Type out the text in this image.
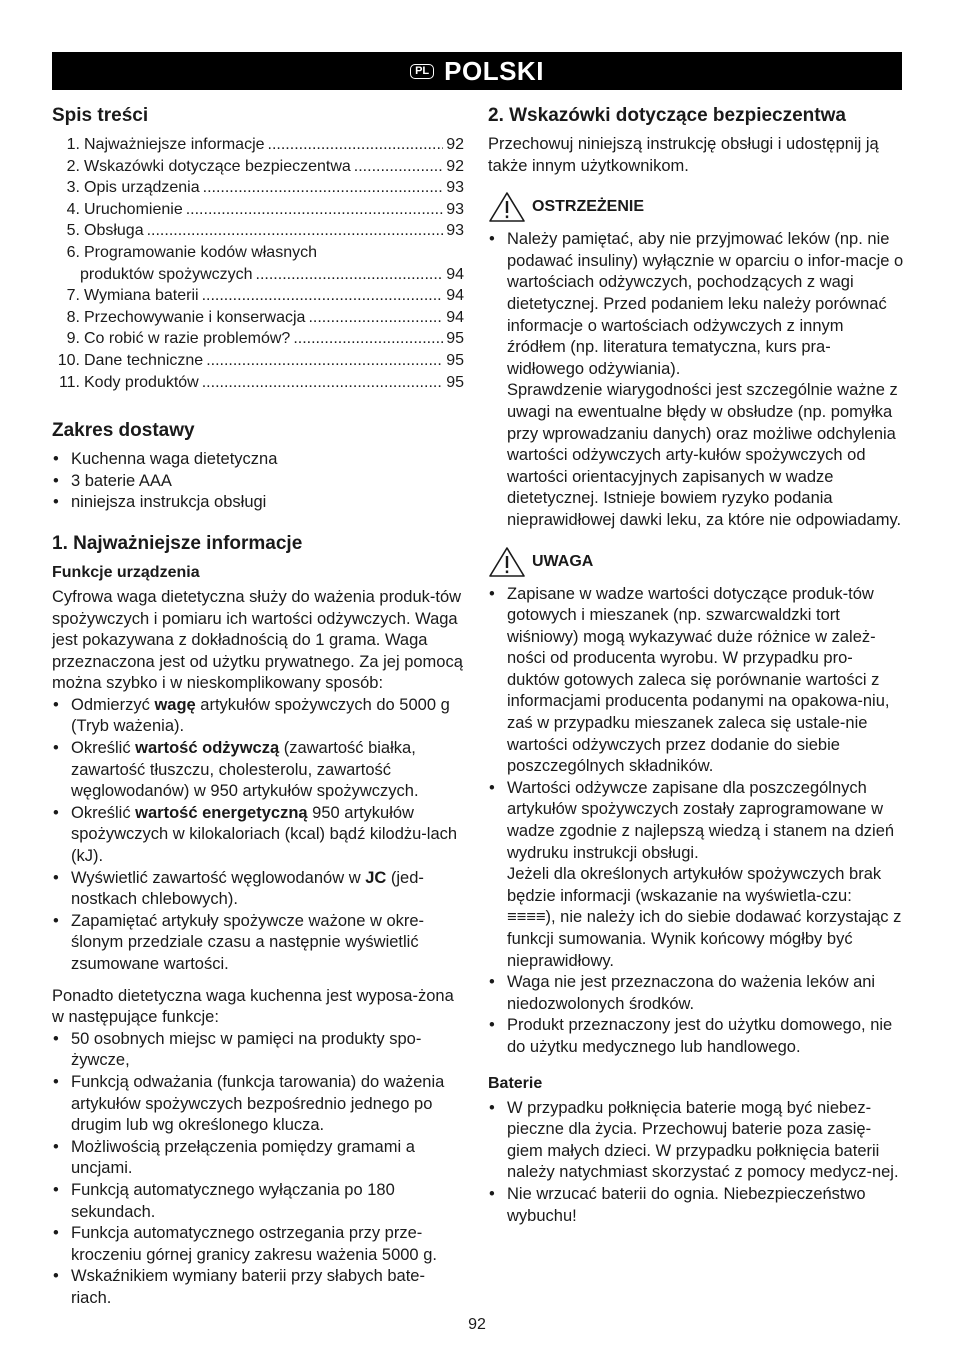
PL POLSKI
Spis treści
1. Najważniejsze informacje .....	92
2. Wskazówki dotyczące bezpieczentwa .....	92
3. Opis urządzenia .....	93
4. Uruchomienie .....	93
5. Obsługa .....	93
6. Programowanie kodów własnych
produktów spożywczych .....	94
7. Wymiana baterii .....	94
8. Przechowywanie i konserwacja .....	94
9. Co robić w razie problemów? .....	95
10. Dane techniczne .....	95
11. Kody produktów .....	95
Zakres dostawy
• Kuchenna waga dietetyczna
• 3 baterie AAA
• niniejsza instrukcja obsługi
1. Najważniejsze informacje
Funkcje urządzenia

Cyfrowa waga dietetyczna służy do ważenia produk-tów spożywczych i pomiaru ich wartości odżywczych. Waga jest pokazywana z dokładnością do 1 grama. Waga przeznaczona jest od użytku prywatnego. Za jej pomocą można szybko i w nieskomplikowany sposób:

• Odmierzyć wagę artykułów spożywczych do 5000 g (Tryb ważenia).
• Określić wartość odżywczą (zawartość białka, zawartość tłuszczu, cholesterolu, zawartość węglowodanów) w 950 artykułów spożywczych.
• Określić wartość energetyczną 950 artykułów spożywczych w kilokaloriach (kcal) bądź kilodżu-lach (kJ).
• Wyświetlić zawartość węglowodanów w JC (jed-nostkach chlebowych).
• Zapamiętać artykuły spożywcze ważone w okre-ślonym przedziale czasu a następnie wyświetlić zsumowane wartości.

Ponadto dietetyczna waga kuchenna jest wyposa-żona w następujące funkcje:

• 50 osobnych miejsc w pamięci na produkty spo-żywcze,
• Funkcją odważania (funkcja tarowania) do ważenia artykułów spożywczych bezpośrednio jednego po drugim lub wg określonego klucza.
• Możliwością przełączenia pomiędzy gramami a uncjami.
• Funkcją automatycznego wyłączania po 180 sekundach.
• Funkcja automatycznego ostrzegania przy prze-kroczeniu górnej granicy zakresu ważenia 5000 g.
• Wskaźnikiem wymiany baterii przy słabych bate-riach.
2. Wskazówki dotyczące bezpieczentwa

Przechowuj niniejszą instrukcję obsługi i udostępnij ją także innym użytkownikom.

OSTRZEŻENIE
• Należy pamiętać, aby nie przyjmować leków (np. nie podawać insuliny) wyłącznie w oparciu o infor-macje o wartościach odżywczych, pochodzących z wagi dietetycznej. Przed podaniem leku należy porównać informacje o wartościach odżywczych z innym źródłem (np. literatura tematyczna, kurs pra-widłowego odżywiania).
Sprawdzenie wiarygodności jest szczególnie ważne z uwagi na ewentualne błędy w obsłudze (np. pomyłka przy wprowadzaniu danych) oraz możliwe odchylenia wartości odżywczych arty-kułów spożywczych od wartości orientacyjnych zapisanych w wadze dietetycznej. Istnieje bowiem ryzyko podania nieprawidłowej dawki leku, za które nie odpowiadamy.
UWAGA
• Zapisane w wadze wartości dotyczące produk-tów gotowych i mieszanek (np. szwarcwaldzki tort wiśniowy) mogą wykazywać duże różnice w zależ-ności od producenta wyrobu. W przypadku pro-duktów gotowych zaleca się porównanie wartości z informacjami producenta podanymi na opakowa-niu, zaś w przypadku mieszanek zaleca się ustale-nie wartości odżywczych przez dodanie do siebie poszczególnych składników.
• Wartości odżywcze zapisane dla poszczególnych artykułów spożywczych zostały zaprogramowane w wadze zgodnie z najlepszą wiedzą i stanem na dzień wydruku instrukcji obsługi.
Jeżeli dla określonych artykułów spożywczych brak będzie informacji (wskazanie na wyświetla-czu: ≡≡≡≡), nie należy ich do siebie dodawać korzystając z funkcji sumowania. Wynik końcowy mógłby być nieprawidłowy.
• Waga nie jest przeznaczona do ważenia leków ani niedozwolonych środków.
• Produkt przeznaczony jest do użytku domowego, nie do użytku medycznego lub handlowego.
Baterie
• W przypadku połknięcia baterie mogą być niebez-pieczne dla życia. Przechowuj baterie poza zasię-giem małych dzieci. W przypadku połknięcia baterii należy natychmiast skorzystać z pomocy medycz-nej.
• Nie wrzucać baterii do ognia. Niebezpieczeństwo wybuchu!
92
